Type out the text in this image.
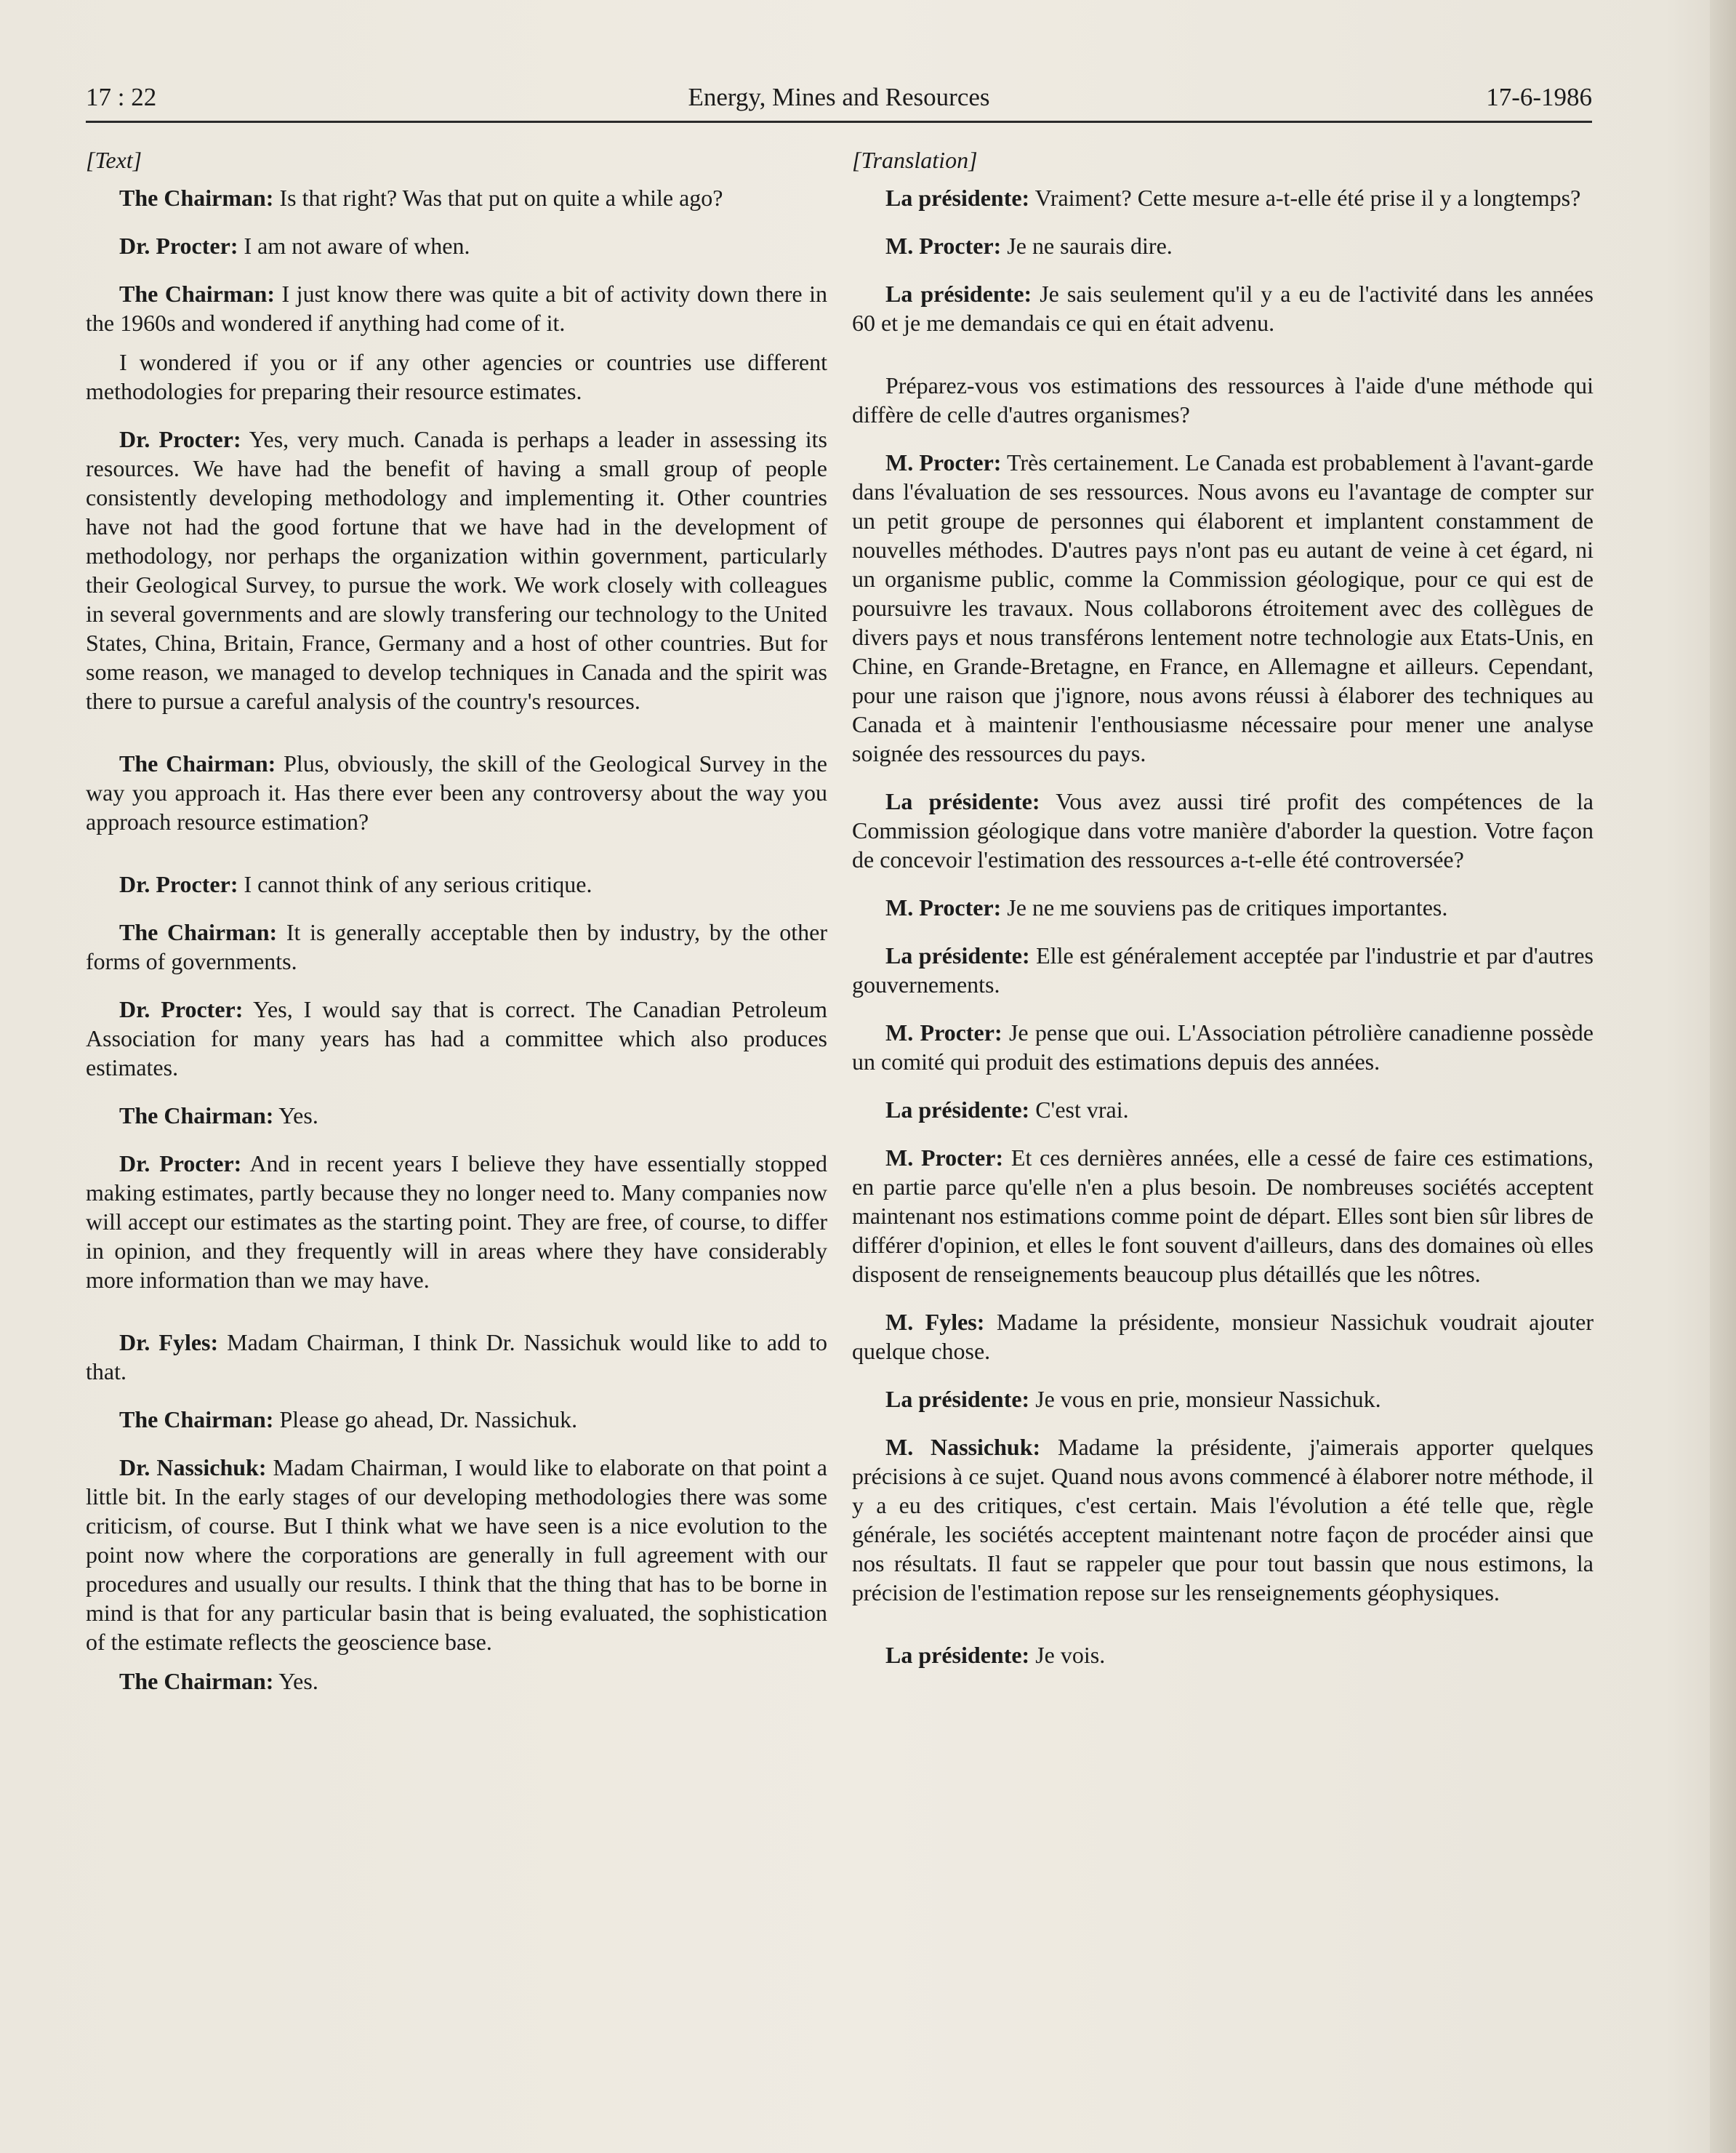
17 : 22	Energy, Mines and Resources	17-6-1986
[Text]

The Chairman: Is that right? Was that put on quite a while ago?

Dr. Procter: I am not aware of when.

The Chairman: I just know there was quite a bit of activity down there in the 1960s and wondered if anything had come of it.

I wondered if you or if any other agencies or countries use different methodologies for preparing their resource estimates.

Dr. Procter: Yes, very much. Canada is perhaps a leader in assessing its resources. We have had the benefit of having a small group of people consistently developing methodology and implementing it. Other countries have not had the good fortune that we have had in the development of methodology, nor perhaps the organization within government, particularly their Geological Survey, to pursue the work. We work closely with colleagues in several governments and are slowly transfering our technology to the United States, China, Britain, France, Germany and a host of other countries. But for some reason, we managed to develop techniques in Canada and the spirit was there to pursue a careful analysis of the country's resources.

The Chairman: Plus, obviously, the skill of the Geological Survey in the way you approach it. Has there ever been any controversy about the way you approach resource estimation?

Dr. Procter: I cannot think of any serious critique.

The Chairman: It is generally acceptable then by industry, by the other forms of governments.

Dr. Procter: Yes, I would say that is correct. The Canadian Petroleum Association for many years has had a committee which also produces estimates.

The Chairman: Yes.

Dr. Procter: And in recent years I believe they have essentially stopped making estimates, partly because they no longer need to. Many companies now will accept our estimates as the starting point. They are free, of course, to differ in opinion, and they frequently will in areas where they have considerably more information than we may have.

Dr. Fyles: Madam Chairman, I think Dr. Nassichuk would like to add to that.

The Chairman: Please go ahead, Dr. Nassichuk.

Dr. Nassichuk: Madam Chairman, I would like to elaborate on that point a little bit. In the early stages of our developing methodologies there was some criticism, of course. But I think what we have seen is a nice evolution to the point now where the corporations are generally in full agreement with our procedures and usually our results. I think that the thing that has to be borne in mind is that for any particular basin that is being evaluated, the sophistication of the estimate reflects the geoscience base.

The Chairman: Yes.

[Translation]

La présidente: Vraiment? Cette mesure a-t-elle été prise il y a longtemps?

M. Procter: Je ne saurais dire.

La présidente: Je sais seulement qu'il y a eu de l'activité dans les années 60 et je me demandais ce qui en était advenu.

Préparez-vous vos estimations des ressources à l'aide d'une méthode qui diffère de celle d'autres organismes?

M. Procter: Très certainement. Le Canada est probablement à l'avant-garde dans l'évaluation de ses ressources. Nous avons eu l'avantage de compter sur un petit groupe de personnes qui élaborent et implantent constamment de nouvelles méthodes. D'autres pays n'ont pas eu autant de veine à cet égard, ni un organisme public, comme la Commission géologique, pour ce qui est de poursuivre les travaux. Nous collaborons étroitement avec des collègues de divers pays et nous transférons lentement notre technologie aux Etats-Unis, en Chine, en Grande-Bretagne, en France, en Allemagne et ailleurs. Cependant, pour une raison que j'ignore, nous avons réussi à élaborer des techniques au Canada et à maintenir l'enthousiasme nécessaire pour mener une analyse soignée des ressources du pays.

La présidente: Vous avez aussi tiré profit des compétences de la Commission géologique dans votre manière d'aborder la question. Votre façon de concevoir l'estimation des ressources a-t-elle été controversée?

M. Procter: Je ne me souviens pas de critiques importantes.

La présidente: Elle est généralement acceptée par l'industrie et par d'autres gouvernements.

M. Procter: Je pense que oui. L'Association pétrolière canadienne possède un comité qui produit des estimations depuis des années.

La présidente: C'est vrai.

M. Procter: Et ces dernières années, elle a cessé de faire ces estimations, en partie parce qu'elle n'en a plus besoin. De nombreuses sociétés acceptent maintenant nos estimations comme point de départ. Elles sont bien sûr libres de différer d'opinion, et elles le font souvent d'ailleurs, dans des domaines où elles disposent de renseignements beaucoup plus détaillés que les nôtres.

M. Fyles: Madame la présidente, monsieur Nassichuk voudrait ajouter quelque chose.

La présidente: Je vous en prie, monsieur Nassichuk.

M. Nassichuk: Madame la présidente, j'aimerais apporter quelques précisions à ce sujet. Quand nous avons commencé à élaborer notre méthode, il y a eu des critiques, c'est certain. Mais l'évolution a été telle que, règle générale, les sociétés acceptent maintenant notre façon de procéder ainsi que nos résultats. Il faut se rappeler que pour tout bassin que nous estimons, la précision de l'estimation repose sur les renseignements géophysiques.

La présidente: Je vois.
